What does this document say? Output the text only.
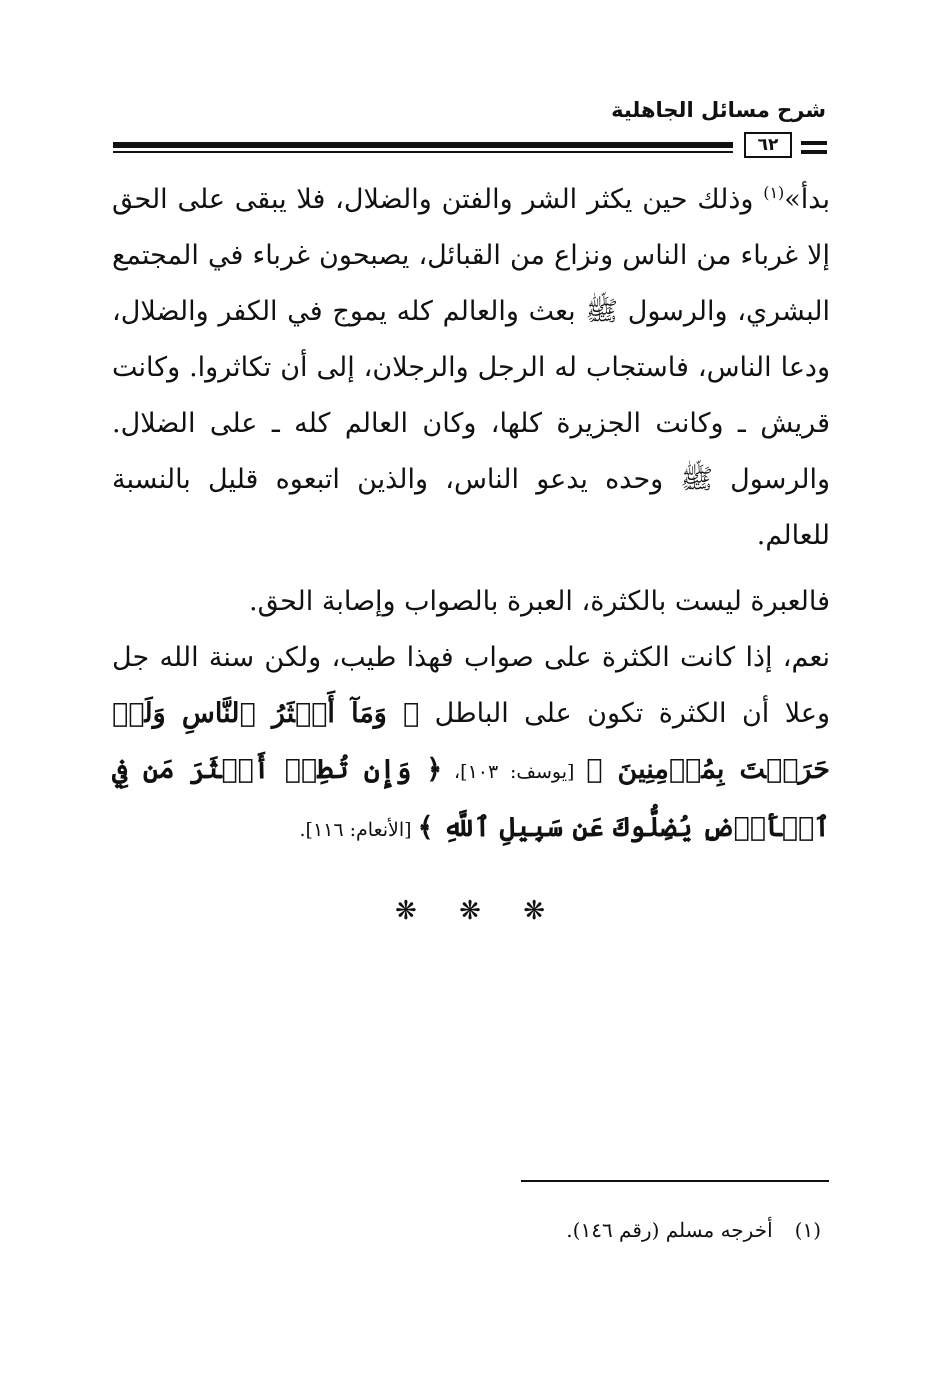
شرح مسائل الجاهلية
٦٢

بدأ»$^{(١)}$ وذلك حين يكثر الشر والفتن والضلال، فلا يبقى على الحق إلا غرباء من الناس ونزاع من القبائل، يصبحون غرباء في المجتمع البشري، والرسول ﷺ بعث والعالم كله يموج في الكفر والضلال، ودعا الناس، فاستجاب له الرجل والرجلان، إلى أن تكاثروا. وكانت قريش ـ وكانت الجزيرة كلها، وكان العالم كله ـ على الضلال. والرسول ﷺ وحده يدعو الناس، والذين اتبعوه قليل بالنسبة للعالم.

فالعبرة ليست بالكثرة، العبرة بالصواب وإصابة الحق.

نعم، إذا كانت الكثرة على صواب فهذا طيب، ولكن سنة الله جل وعلا أن الكثرة تكون على الباطل ﴿ وَمَآ أَكۡثَرُ ٱلنَّاسِ وَلَوۡ حَرَصۡتَ بِمُؤۡمِنِينَ ﴾ [يوسف: ١٠٣]، ﴿ وَإِن تُطِعۡ أَكۡثَرَ مَن فِي ٱلۡأَرۡضِ يُضِلُّوكَ عَن سَبِيلِ ٱللَّهِ ﴾ [الأنعام: ١١٦].

❋ ❋ ❋
(١)أخرجه مسلم (رقم ١٤٦).
